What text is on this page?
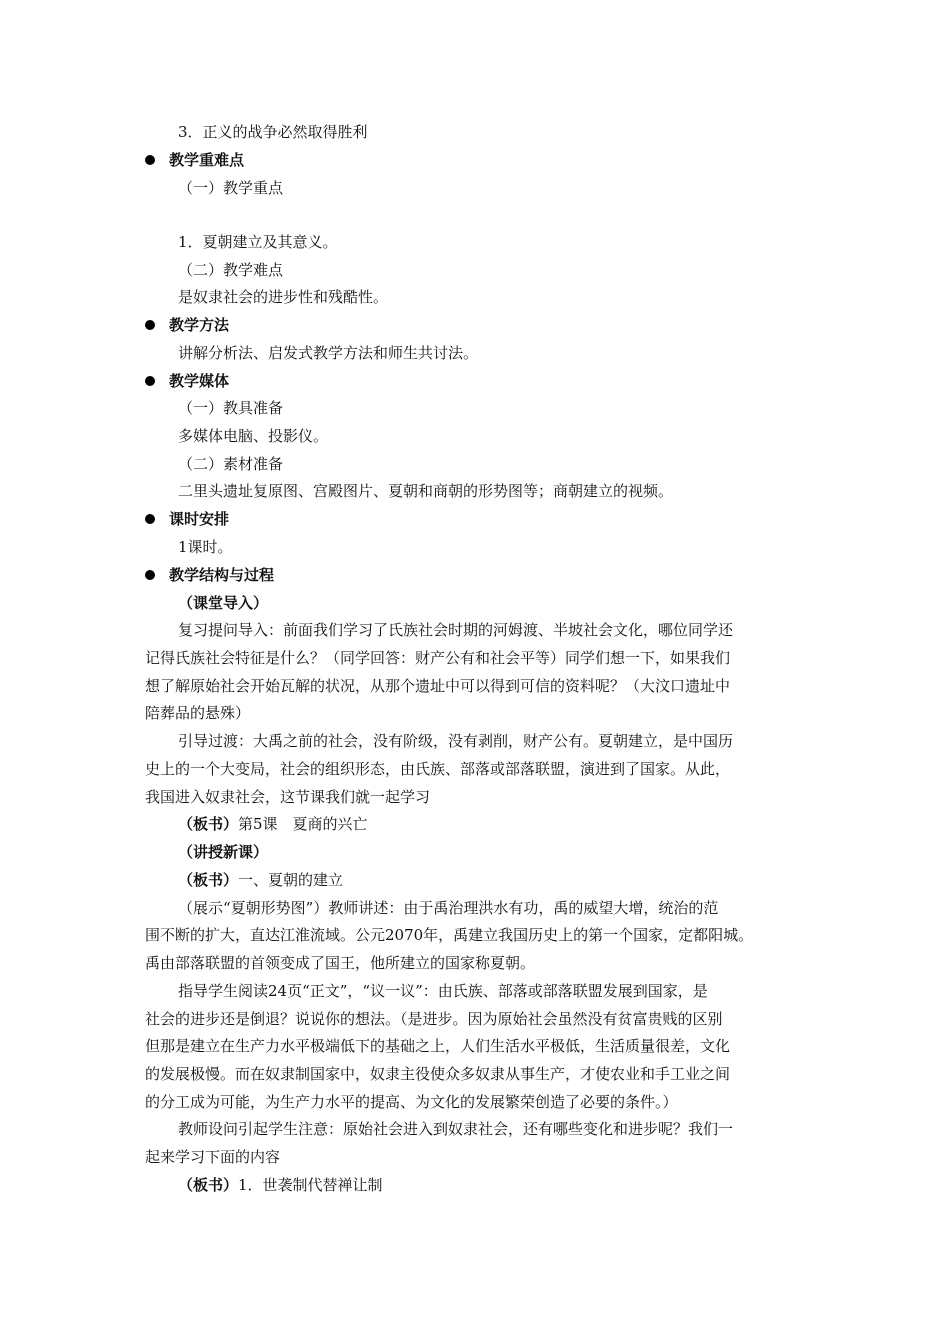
3．正义的战争必然取得胜利
教学重难点
（一）教学重点
1．夏朝建立及其意义。
（二）教学难点
是奴隶社会的进步性和残酷性。
教学方法
讲解分析法、启发式教学方法和师生共讨法。
教学媒体
（一）教具准备
多媒体电脑、投影仪。
（二）素材准备
二里头遗址复原图、宫殿图片、夏朝和商朝的形势图等；商朝建立的视频。
课时安排
1课时。
教学结构与过程
（课堂导入）
复习提问导入：前面我们学习了氏族社会时期的河姆渡、半坡社会文化，哪位同学还
记得氏族社会特征是什么？（同学回答：财产公有和社会平等）同学们想一下，如果我们
想了解原始社会开始瓦解的状况，从那个遗址中可以得到可信的资料呢？（大汶口遗址中
陪葬品的悬殊）
引导过渡：大禹之前的社会，没有阶级，没有剥削，财产公有。夏朝建立，是中国历
史上的一个大变局，社会的组织形态，由氏族、部落或部落联盟，演进到了国家。从此，
我国进入奴隶社会，这节课我们就一起学习
（板书）第5课　夏商的兴亡
（讲授新课）
（板书）一、夏朝的建立
（展示“夏朝形势图”）教师讲述：由于禹治理洪水有功，禹的威望大增，统治的范
围不断的扩大，直达江淮流域。公元2070年，禹建立我国历史上的第一个国家，定都阳城。
禹由部落联盟的首领变成了国王，他所建立的国家称夏朝。
指导学生阅读24页“正文”，“议一议”：由氏族、部落或部落联盟发展到国家，是
社会的进步还是倒退？说说你的想法。（是进步。因为原始社会虽然没有贫富贵贱的区别
但那是建立在生产力水平极端低下的基础之上，人们生活水平极低，生活质量很差，文化
的发展极慢。而在奴隶制国家中，奴隶主役使众多奴隶从事生产，才使农业和手工业之间
的分工成为可能，为生产力水平的提高、为文化的发展繁荣创造了必要的条件。）
教师设问引起学生注意：原始社会进入到奴隶社会，还有哪些变化和进步呢？我们一
起来学习下面的内容
（板书）1．世袭制代替禅让制
